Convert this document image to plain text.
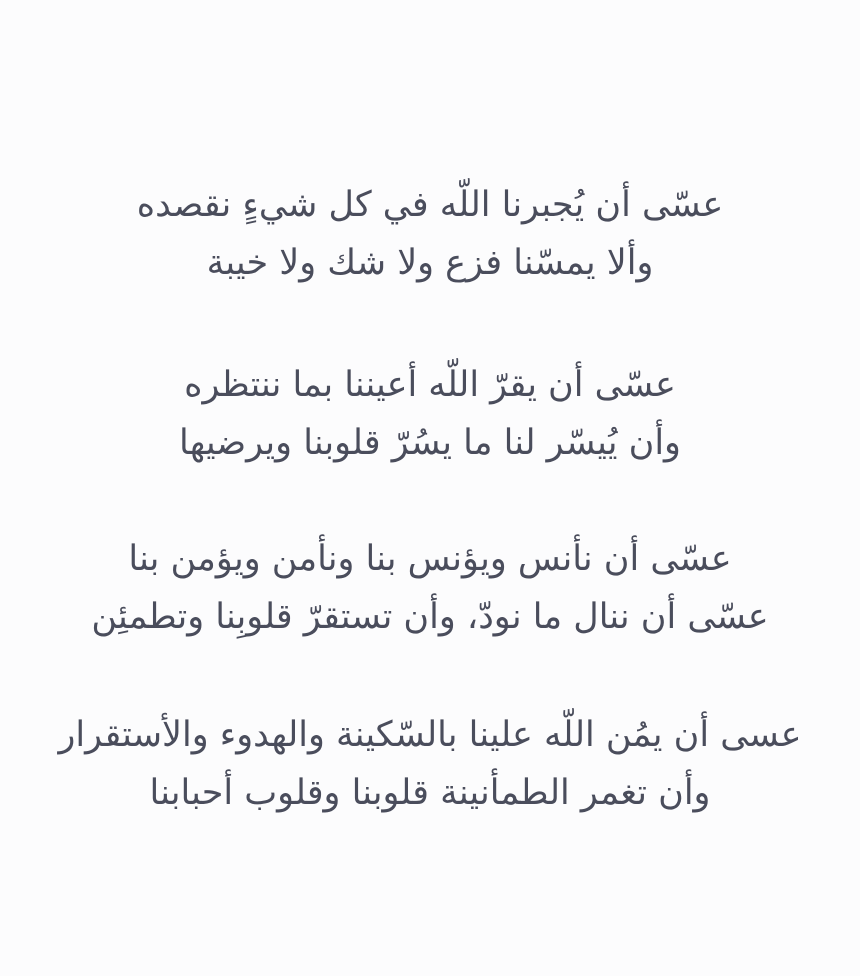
عسّى أن يُجبرنا اللّه في كل شيءٍ نقصده
وألا يمسّنا فزع ولا شك ولا خيبة
عسّى أن يقرّ اللّه أعيننا بما ننتظره
وأن يُيسّر لنا ما يسُرّ قلوبنا ويرضيها
عسّى أن نأنس ويؤنس بنا ونأمن ويؤمن بنا
عسّى أن ننال ما نودّ، وأن تستقرّ قلوبِنا وتطمئِن
عسى أن يمُن اللّه علينا بالسّكينة والهدوء والأستقرار
وأن تغمر الطمأنينة قلوبنا وقلوب أحبابنا
